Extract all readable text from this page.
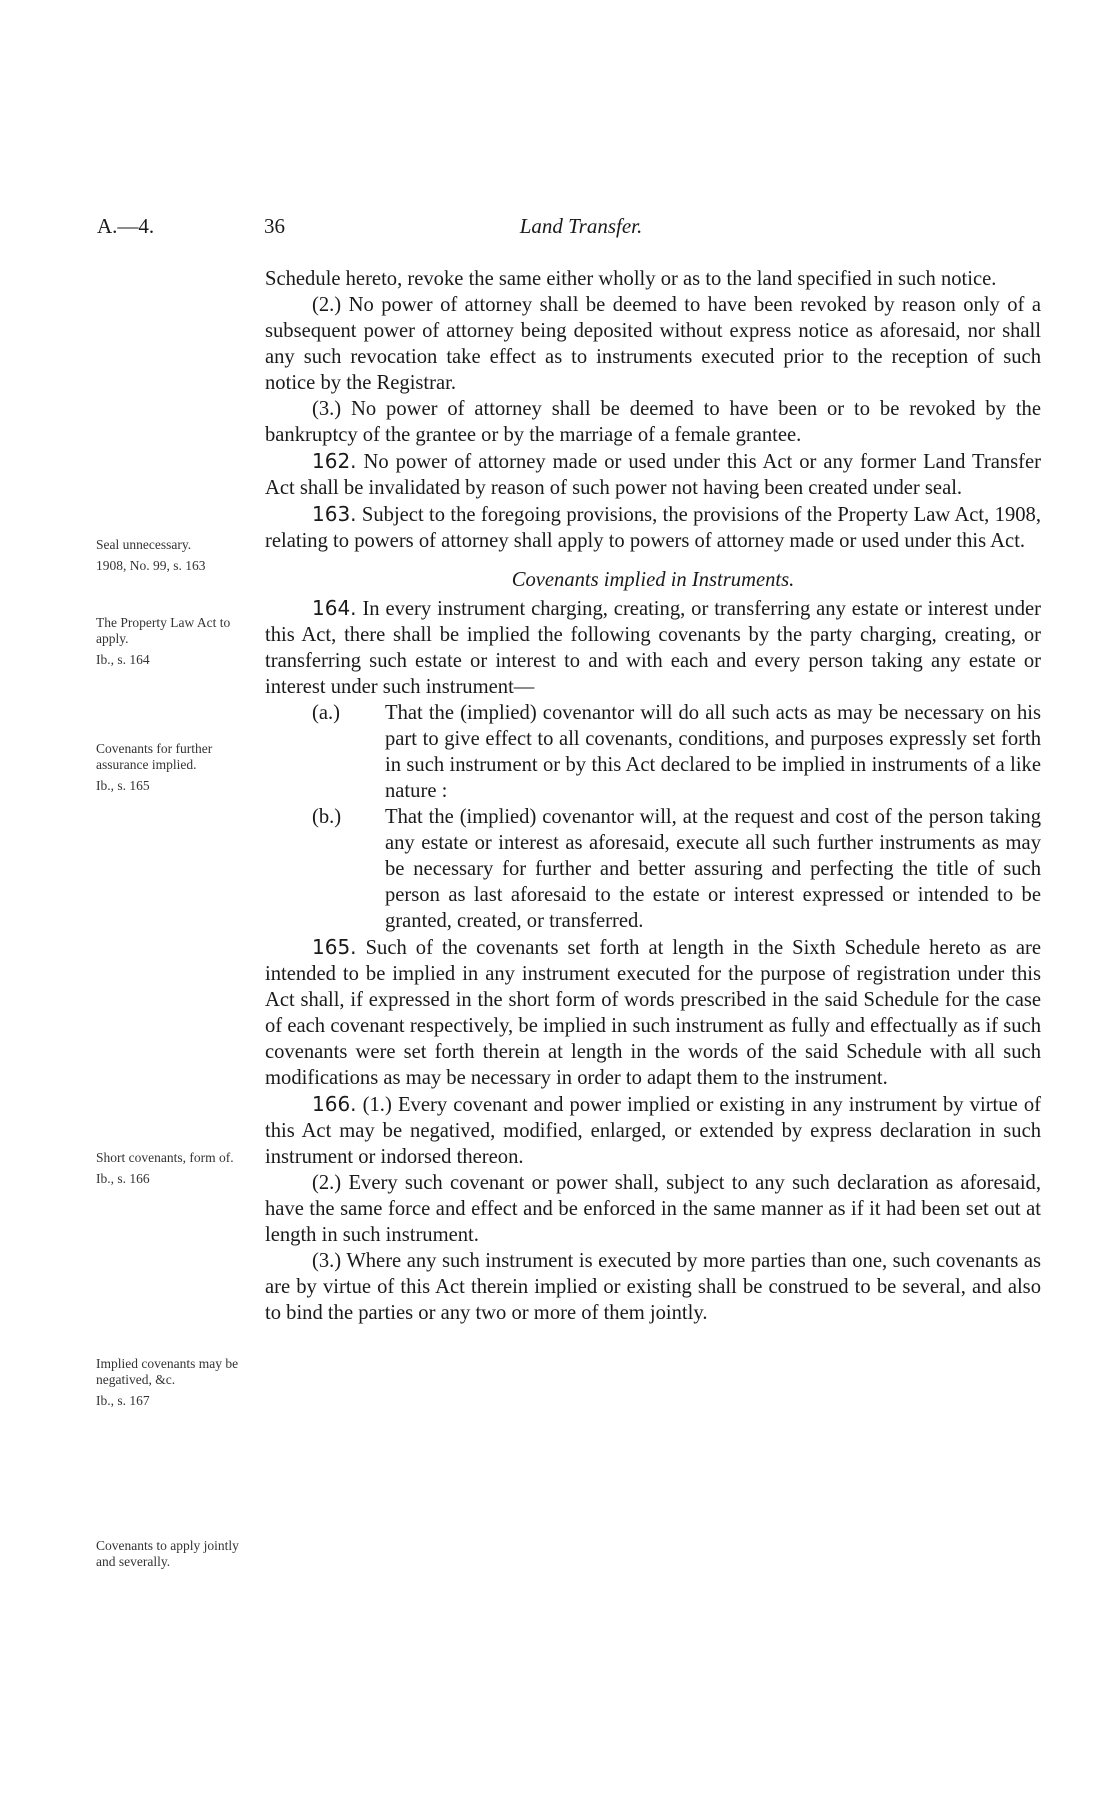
A.—4.	36	Land Transfer.
Seal unnecessary.
1908, No. 99, s. 163
The Property Law Act to apply.
Ib., s. 164
Covenants for further assurance implied.
Ib., s. 165
Short covenants, form of.
Ib., s. 166
Implied covenants may be negatived, &c.
Ib., s. 167
Covenants to apply jointly and severally.

Schedule hereto, revoke the same either wholly or as to the land specified in such notice.

(2.) No power of attorney shall be deemed to have been revoked by reason only of a subsequent power of attorney being deposited without express notice as aforesaid, nor shall any such revocation take effect as to instruments executed prior to the reception of such notice by the Registrar.

(3.) No power of attorney shall be deemed to have been or to be revoked by the bankruptcy of the grantee or by the marriage of a female grantee.

162. No power of attorney made or used under this Act or any former Land Transfer Act shall be invalidated by reason of such power not having been created under seal.

163. Subject to the foregoing provisions, the provisions of the Property Law Act, 1908, relating to powers of attorney shall apply to powers of attorney made or used under this Act.

Covenants implied in Instruments.

164. In every instrument charging, creating, or transferring any estate or interest under this Act, there shall be implied the following covenants by the party charging, creating, or transferring such estate or interest to and with each and every person taking any estate or interest under such instrument—

(a.) That the (implied) covenantor will do all such acts as may be necessary on his part to give effect to all covenants, conditions, and purposes expressly set forth in such instrument or by this Act declared to be implied in instruments of a like nature :

(b.) That the (implied) covenantor will, at the request and cost of the person taking any estate or interest as aforesaid, execute all such further instruments as may be necessary for further and better assuring and perfecting the title of such person as last aforesaid to the estate or interest expressed or intended to be granted, created, or transferred.

165. Such of the covenants set forth at length in the Sixth Schedule hereto as are intended to be implied in any instrument executed for the purpose of registration under this Act shall, if expressed in the short form of words prescribed in the said Schedule for the case of each covenant respectively, be implied in such instrument as fully and effectually as if such covenants were set forth therein at length in the words of the said Schedule with all such modifications as may be necessary in order to adapt them to the instrument.

166. (1.) Every covenant and power implied or existing in any instrument by virtue of this Act may be negatived, modified, enlarged, or extended by express declaration in such instrument or indorsed thereon.

(2.) Every such covenant or power shall, subject to any such declaration as aforesaid, have the same force and effect and be enforced in the same manner as if it had been set out at length in such instrument.

(3.) Where any such instrument is executed by more parties than one, such covenants as are by virtue of this Act therein implied or existing shall be construed to be several, and also to bind the parties or any two or more of them jointly.
